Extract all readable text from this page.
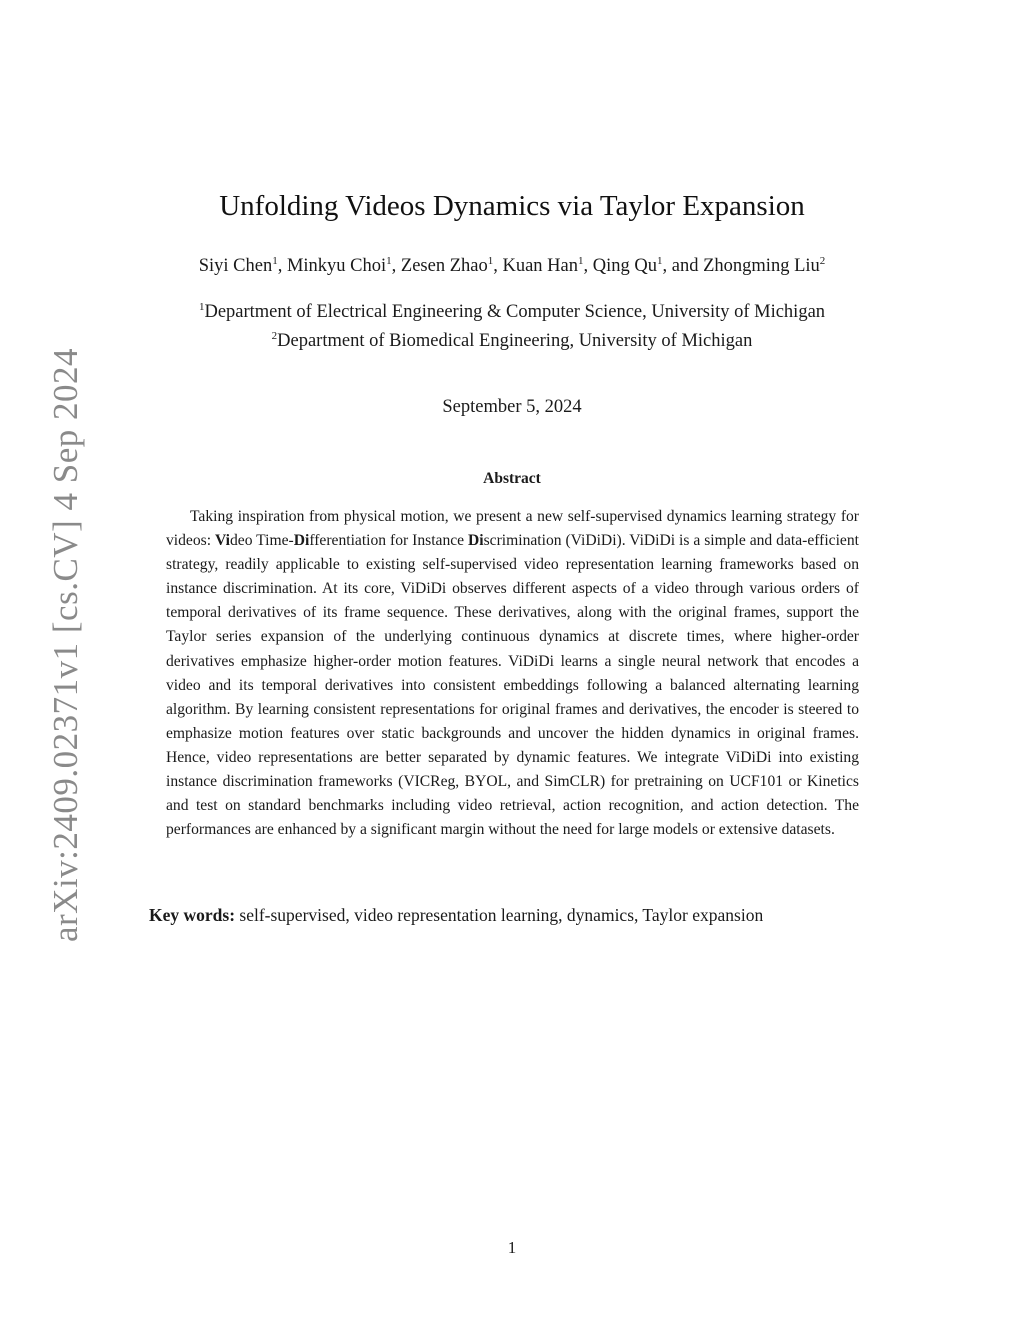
arXiv:2409.02371v1 [cs.CV] 4 Sep 2024
Unfolding Videos Dynamics via Taylor Expansion
Siyi Chen$^1$, Minkyu Choi$^1$, Zesen Zhao$^1$, Kuan Han$^1$, Qing Qu$^1$, and Zhongming Liu$^2$
$^1$Department of Electrical Engineering & Computer Science, University of Michigan
$^2$Department of Biomedical Engineering, University of Michigan
September 5, 2024
Abstract

Taking inspiration from physical motion, we present a new self-supervised dynamics learning strategy for videos: Video Time-Differentiation for Instance Discrimination (ViDiDi). ViDiDi is a simple and data-efficient strategy, readily applicable to existing self-supervised video representation learning frameworks based on instance discrimination. At its core, ViDiDi observes different aspects of a video through various orders of temporal derivatives of its frame sequence. These derivatives, along with the original frames, support the Taylor series expansion of the underlying continuous dynamics at discrete times, where higher-order derivatives emphasize higher-order motion features. ViDiDi learns a single neural network that encodes a video and its temporal derivatives into consistent embeddings following a balanced alternating learning algorithm. By learning consistent representations for original frames and derivatives, the encoder is steered to emphasize motion features over static backgrounds and uncover the hidden dynamics in original frames. Hence, video representations are better separated by dynamic features. We integrate ViDiDi into existing instance discrimination frameworks (VICReg, BYOL, and SimCLR) for pretraining on UCF101 or Kinetics and test on standard benchmarks including video retrieval, action recognition, and action detection. The performances are enhanced by a significant margin without the need for large models or extensive datasets.

Key words: self-supervised, video representation learning, dynamics, Taylor expansion
1
